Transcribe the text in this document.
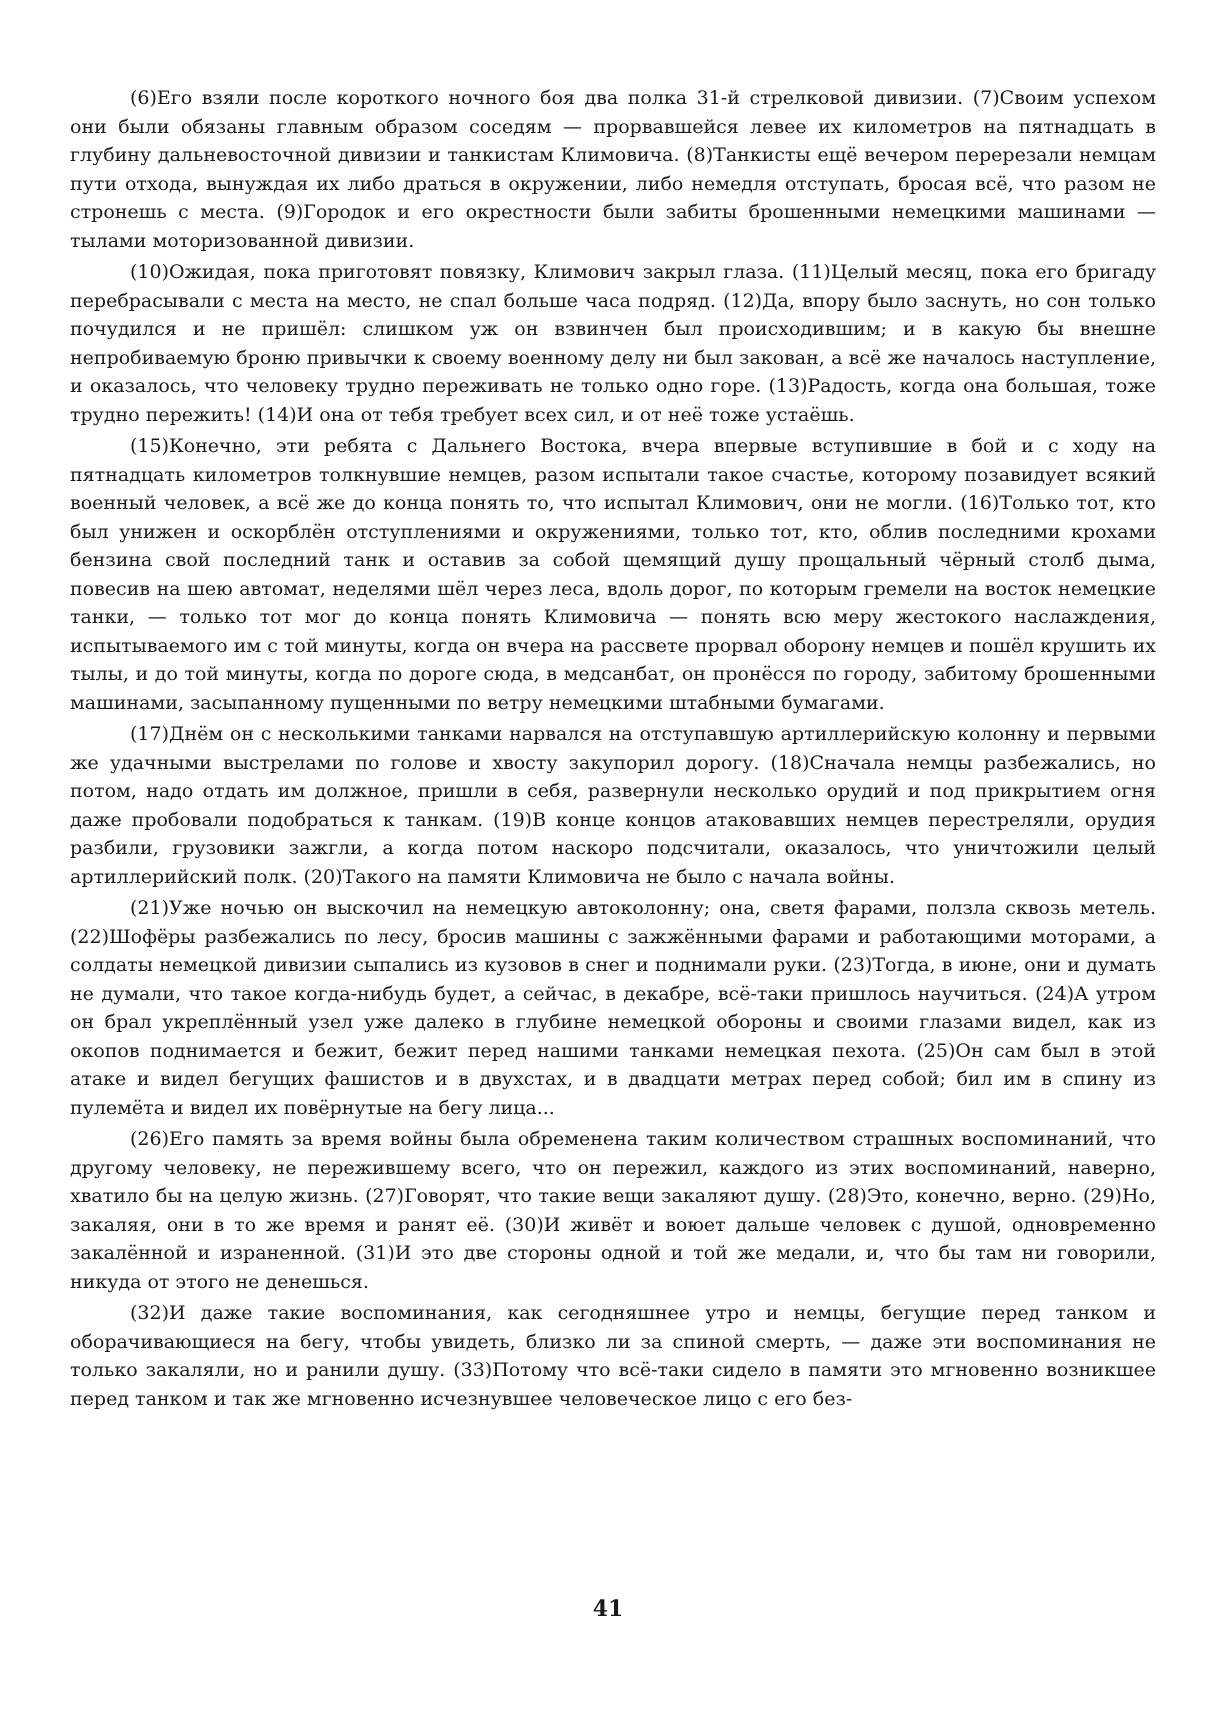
(6)Его взяли после короткого ночного боя два полка 31-й стрелковой дивизии. (7)Своим успехом они были обязаны главным образом соседям — прорвавшейся левее их километров на пятнадцать в глубину дальневосточной дивизии и танкистам Климовича. (8)Танкисты ещё вечером перерезали немцам пути отхода, вынуждая их либо драться в окружении, либо немедля отступать, бросая всё, что разом не стронешь с места. (9)Городок и его окрестности были забиты брошенными немецкими машинами — тылами моторизованной дивизии.

(10)Ожидая, пока приготовят повязку, Климович закрыл глаза. (11)Целый месяц, пока его бригаду перебрасывали с места на место, не спал больше часа подряд. (12)Да, впору было заснуть, но сон только почудился и не пришёл: слишком уж он взвинчен был происходившим; и в какую бы внешне непробиваемую броню привычки к своему военному делу ни был закован, а всё же началось наступление, и оказалось, что человеку трудно переживать не только одно горе. (13)Радость, когда она большая, тоже трудно пережить! (14)И она от тебя требует всех сил, и от неё тоже устаёшь.

(15)Конечно, эти ребята с Дальнего Востока, вчера впервые вступившие в бой и с ходу на пятнадцать километров толкнувшие немцев, разом испытали такое счастье, которому позавидует всякий военный человек, а всё же до конца понять то, что испытал Климович, они не могли. (16)Только тот, кто был унижен и оскорблён отступлениями и окружениями, только тот, кто, облив последними крохами бензина свой последний танк и оставив за собой щемящий душу прощальный чёрный столб дыма, повесив на шею автомат, неделями шёл через леса, вдоль дорог, по которым гремели на восток немецкие танки, — только тот мог до конца понять Климовича — понять всю меру жестокого наслаждения, испытываемого им с той минуты, когда он вчера на рассвете прорвал оборону немцев и пошёл крушить их тылы, и до той минуты, когда по дороге сюда, в медсанбат, он пронёсся по городу, забитому брошенными машинами, засыпанному пущенными по ветру немецкими штабными бумагами.

(17)Днём он с несколькими танками нарвался на отступавшую артиллерийскую колонну и первыми же удачными выстрелами по голове и хвосту закупорил дорогу. (18)Сначала немцы разбежались, но потом, надо отдать им должное, пришли в себя, развернули несколько орудий и под прикрытием огня даже пробовали подобраться к танкам. (19)В конце концов атаковавших немцев перестреляли, орудия разбили, грузовики зажгли, а когда потом наскоро подсчитали, оказалось, что уничтожили целый артиллерийский полк. (20)Такого на памяти Климовича не было с начала войны.

(21)Уже ночью он выскочил на немецкую автоколонну; она, светя фарами, ползла сквозь метель. (22)Шофёры разбежались по лесу, бросив машины с зажжёнными фарами и работающими моторами, а солдаты немецкой дивизии сыпались из кузовов в снег и поднимали руки. (23)Тогда, в июне, они и думать не думали, что такое когда-нибудь будет, а сейчас, в декабре, всё-таки пришлось научиться. (24)А утром он брал укреплённый узел уже далеко в глубине немецкой обороны и своими глазами видел, как из окопов поднимается и бежит, бежит перед нашими танками немецкая пехота. (25)Он сам был в этой атаке и видел бегущих фашистов и в двухстах, и в двадцати метрах перед собой; бил им в спину из пулемёта и видел их повёрнутые на бегу лица...

(26)Его память за время войны была обременена таким количеством страшных воспоминаний, что другому человеку, не пережившему всего, что он пережил, каждого из этих воспоминаний, наверно, хватило бы на целую жизнь. (27)Говорят, что такие вещи закаляют душу. (28)Это, конечно, верно. (29)Но, закаляя, они в то же время и ранят её. (30)И живёт и воюет дальше человек с душой, одновременно закалённой и израненной. (31)И это две стороны одной и той же медали, и, что бы там ни говорили, никуда от этого не денешься.

(32)И даже такие воспоминания, как сегодняшнее утро и немцы, бегущие перед танком и оборачивающиеся на бегу, чтобы увидеть, близко ли за спиной смерть, — даже эти воспоминания не только закаляли, но и ранили душу. (33)Потому что всё-таки сидело в памяти это мгновенно возникшее перед танком и так же мгновенно исчезнувшее человеческое лицо с его без-

41
